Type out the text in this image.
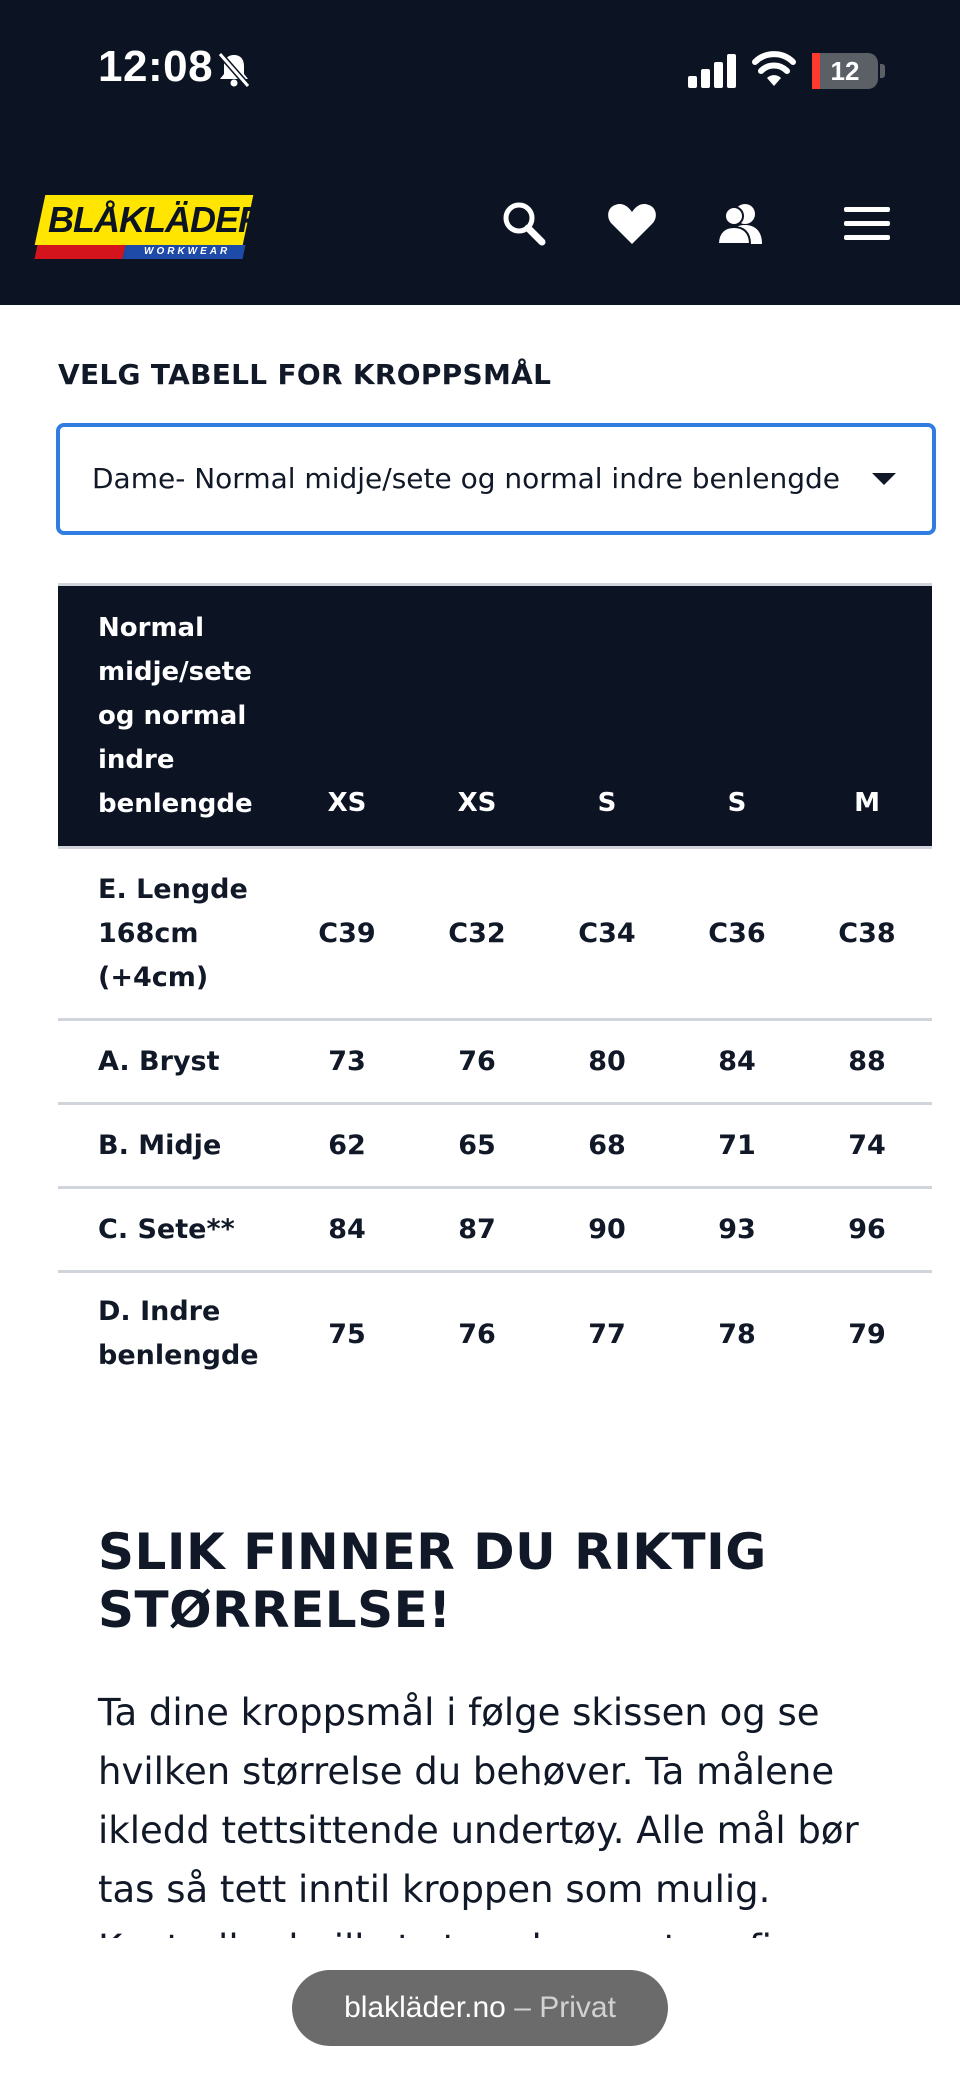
12:08	12
BLÅKLÄDER
WORKWEAR
VELG TABELL FOR KROPPSMÅL
Dame- Normal midje/sete og normal indre benlengde
Normal midje/sete og normal indre benlengde	XS	XS	S	S	M
E. Lengde 168cm (+4cm)	C39	C32	C34	C36	C38
A. Bryst	73	76	80	84	88
B. Midje	62	65	68	71	74
C. Sete**	84	87	90	93	96
D. Indre benlengde	75	76	77	78	79
SLIK FINNER DU RIKTIG STØRRELSE!
Ta dine kroppsmål i følge skissen og se hvilken størrelse du behøver. Ta målene ikledd tettsittende undertøy. Alle mål bør tas så tett inntil kroppen som mulig.
blakläder.no – Privat
